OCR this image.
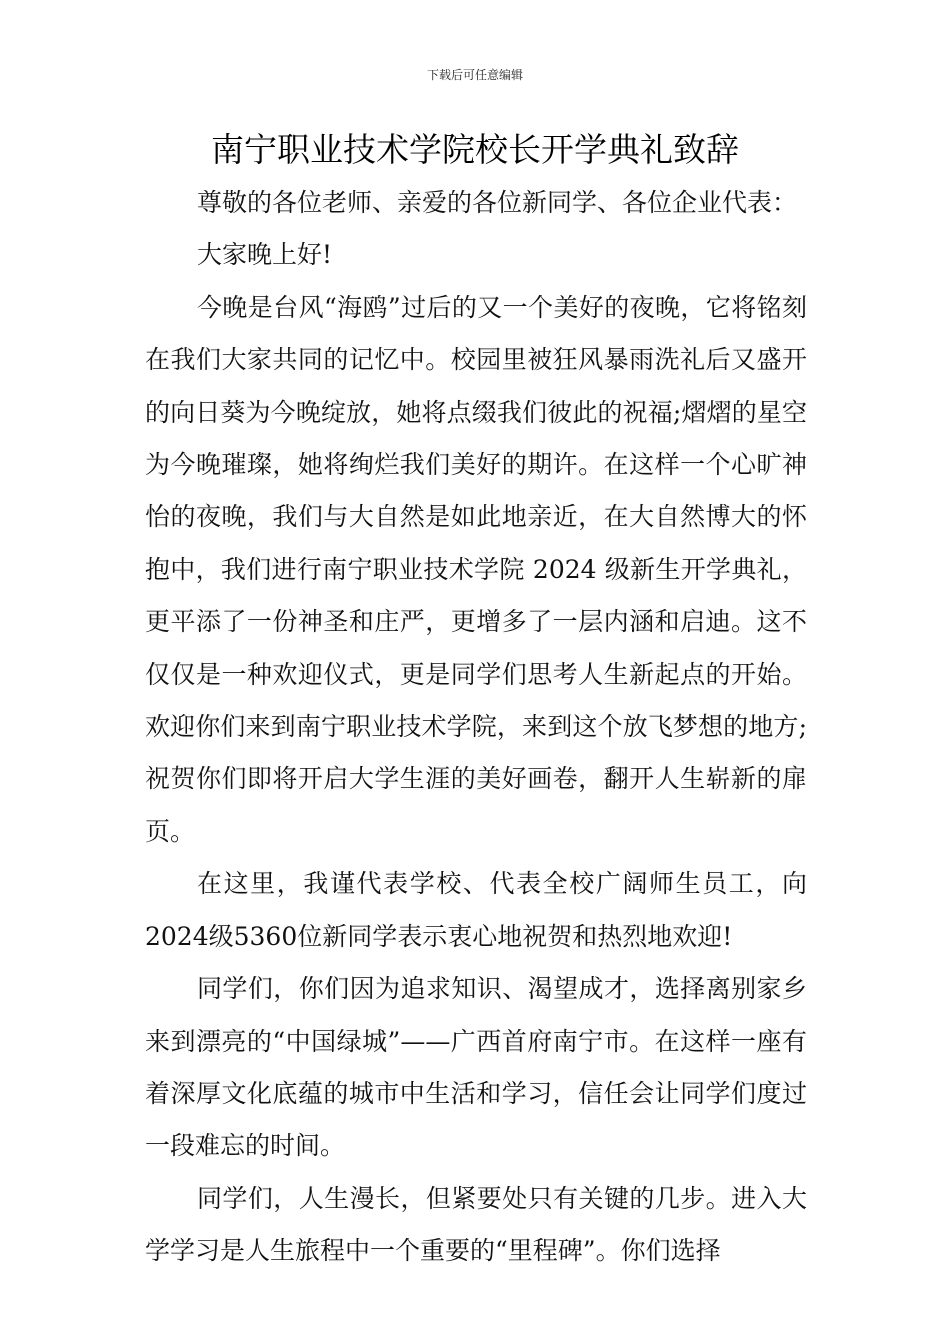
下载后可任意编辑
南宁职业技术学院校长开学典礼致辞

尊敬的各位老师、亲爱的各位新同学、各位企业代表：

大家晚上好!

今晚是台风“海鸥”过后的又一个美好的夜晚，它将铭刻在我们大家共同的记忆中。校园里被狂风暴雨洗礼后又盛开的向日葵为今晚绽放，她将点缀我们彼此的祝福;熠熠的星空为今晚璀璨，她将绚烂我们美好的期许。在这样一个心旷神怡的夜晚，我们与大自然是如此地亲近，在大自然博大的怀抱中，我们进行南宁职业技术学院 2024 级新生开学典礼，更平添了一份神圣和庄严，更增多了一层内涵和启迪。这不仅仅是一种欢迎仪式，更是同学们思考人生新起点的开始。欢迎你们来到南宁职业技术学院，来到这个放飞梦想的地方;祝贺你们即将开启大学生涯的美好画卷，翻开人生崭新的扉页。

在这里，我谨代表学校、代表全校广阔师生员工，向2024级5360位新同学表示衷心地祝贺和热烈地欢迎!

同学们，你们因为追求知识、渴望成才，选择离别家乡来到漂亮的“中国绿城”——广西首府南宁市。在这样一座有着深厚文化底蕴的城市中生活和学习，信任会让同学们度过一段难忘的时间。

同学们，人生漫长，但紧要处只有关键的几步。进入大学学习是人生旅程中一个重要的“里程碑”。你们选择
